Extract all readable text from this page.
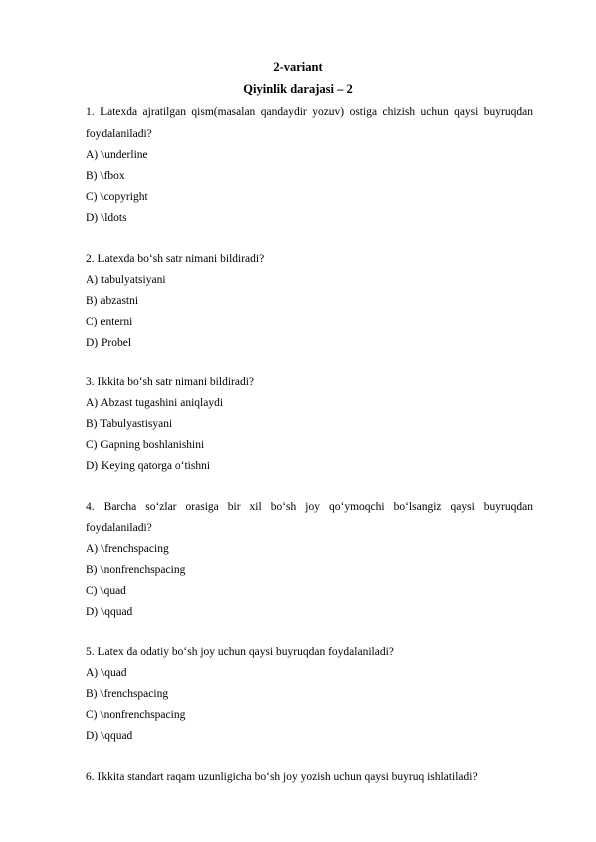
2-variant
Qiyinlik darajasi – 2
1. Latexda ajratilgan qism(masalan qandaydir yozuv) ostiga chizish uchun qaysi buyruqdan
foydalaniladi?
A) \underline
B) \fbox
C) \copyright
D) \ldots
2. Latexda bo‘sh satr nimani bildiradi?
A) tabulyatsiyani
B) abzastni
C) enterni
D) Probel
3. Ikkita bo‘sh satr nimani bildiradi?
A) Abzast tugashini aniqlaydi
B) Tabulyastisyani
C) Gapning boshlanishini
D) Keying qatorga o‘tishni
4. Barcha so‘zlar orasiga bir xil bo‘sh joy qo‘ymoqchi bo‘lsangiz qaysi buyruqdan
foydalaniladi?
A) \frenchspacing
B) \nonfrenchspacing
C) \quad
D) \qquad
5. Latex da odatiy bo‘sh joy uchun qaysi buyruqdan foydalaniladi?
A) \quad
B) \frenchspacing
C) \nonfrenchspacing
D) \qquad
6. Ikkita standart raqam uzunligicha bo‘sh joy yozish uchun qaysi buyruq ishlatiladi?
